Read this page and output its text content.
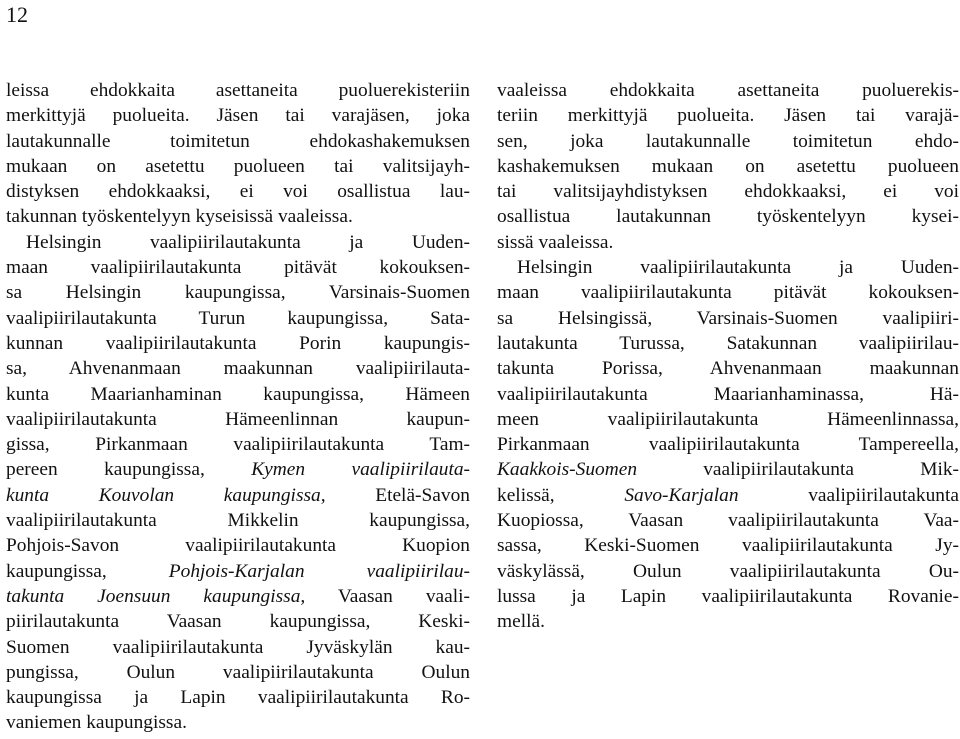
12
leissa ehdokkaita asettaneita puoluerekisteriin
merkittyjä puolueita. Jäsen tai varajäsen, joka
lautakunnalle toimitetun ehdokashakemuksen
mukaan on asetettu puolueen tai valitsijayh-
distyksen ehdokkaaksi, ei voi osallistua lau-
takunnan työskentelyyn kyseisissä vaaleissa.
Helsingin vaalipiirilautakunta ja Uuden-
maan vaalipiirilautakunta pitävät kokouksen-
sa Helsingin kaupungissa, Varsinais-Suomen
vaalipiirilautakunta Turun kaupungissa, Sata-
kunnan vaalipiirilautakunta Porin kaupungis-
sa, Ahvenanmaan maakunnan vaalipiirilauta-
kunta Maarianhaminan kaupungissa, Hämeen
vaalipiirilautakunta Hämeenlinnan kaupun-
gissa, Pirkanmaan vaalipiirilautakunta Tam-
pereen kaupungissa, Kymen vaalipiirilauta-
kunta Kouvolan kaupungissa, Etelä-Savon
vaalipiirilautakunta Mikkelin kaupungissa,
Pohjois-Savon vaalipiirilautakunta Kuopion
kaupungissa, Pohjois-Karjalan vaalipiirilau-
takunta Joensuun kaupungissa, Vaasan vaali-
piirilautakunta Vaasan kaupungissa, Keski-
Suomen vaalipiirilautakunta Jyväskylän kau-
pungissa, Oulun vaalipiirilautakunta Oulun
kaupungissa ja Lapin vaalipiirilautakunta Ro-
vaniemen kaupungissa.
vaaleissa ehdokkaita asettaneita puoluerekis-
teriin merkittyjä puolueita. Jäsen tai varajä-
sen, joka lautakunnalle toimitetun ehdo-
kashakemuksen mukaan on asetettu puolueen
tai valitsijayhdistyksen ehdokkaaksi, ei voi
osallistua lautakunnan työskentelyyn kysei-
sissä vaaleissa.
Helsingin vaalipiirilautakunta ja Uuden-
maan vaalipiirilautakunta pitävät kokouksen-
sa Helsingissä, Varsinais-Suomen vaalipiiri-
lautakunta Turussa, Satakunnan vaalipiirilau-
takunta Porissa, Ahvenanmaan maakunnan
vaalipiirilautakunta Maarianhaminassa, Hä-
meen vaalipiirilautakunta Hämeenlinnassa,
Pirkanmaan vaalipiirilautakunta Tampereella,
Kaakkois-Suomen vaalipiirilautakunta Mik-
kelissä, Savo-Karjalan vaalipiirilautakunta
Kuopiossa, Vaasan vaalipiirilautakunta Vaa-
sassa, Keski-Suomen vaalipiirilautakunta Jy-
väskylässä, Oulun vaalipiirilautakunta Ou-
lussa ja Lapin vaalipiirilautakunta Rovanie-
mellä.
